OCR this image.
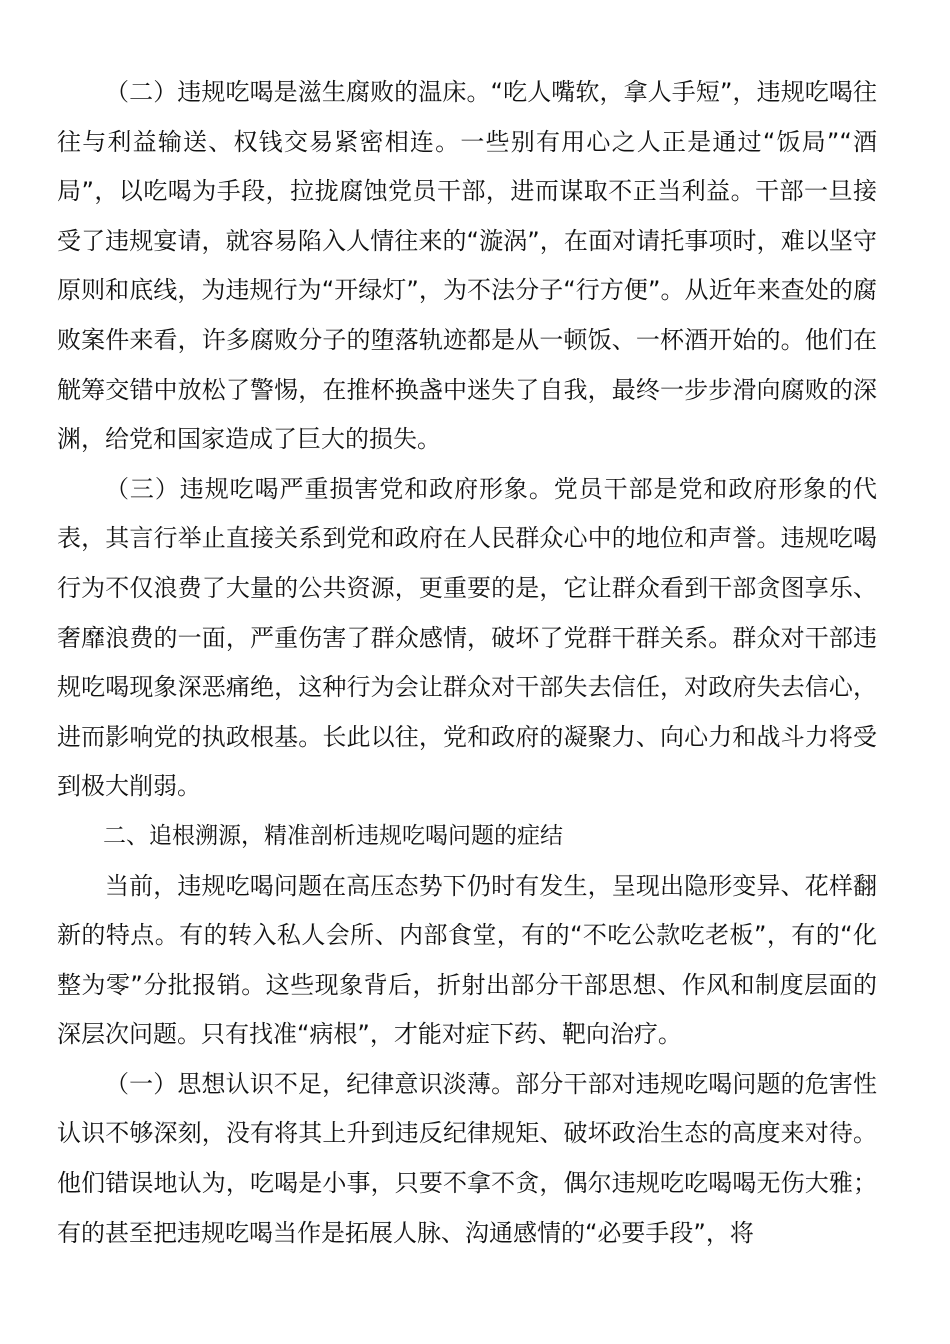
（二）违规吃喝是滋生腐败的温床。“吃人嘴软，拿人手短”，违规吃喝往往与利益输送、权钱交易紧密相连。一些别有用心之人正是通过“饭局”“酒局”，以吃喝为手段，拉拢腐蚀党员干部，进而谋取不正当利益。干部一旦接受了违规宴请，就容易陷入人情往来的“漩涡”，在面对请托事项时，难以坚守原则和底线，为违规行为“开绿灯”，为不法分子“行方便”。从近年来查处的腐败案件来看，许多腐败分子的堕落轨迹都是从一顿饭、一杯酒开始的。他们在觥筹交错中放松了警惕，在推杯换盏中迷失了自我，最终一步步滑向腐败的深渊，给党和国家造成了巨大的损失。

（三）违规吃喝严重损害党和政府形象。党员干部是党和政府形象的代表，其言行举止直接关系到党和政府在人民群众心中的地位和声誉。违规吃喝行为不仅浪费了大量的公共资源，更重要的是，它让群众看到干部贪图享乐、奢靡浪费的一面，严重伤害了群众感情，破坏了党群干群关系。群众对干部违规吃喝现象深恶痛绝，这种行为会让群众对干部失去信任，对政府失去信心，进而影响党的执政根基。长此以往，党和政府的凝聚力、向心力和战斗力将受到极大削弱。

二、追根溯源，精准剖析违规吃喝问题的症结

当前，违规吃喝问题在高压态势下仍时有发生，呈现出隐形变异、花样翻新的特点。有的转入私人会所、内部食堂，有的“不吃公款吃老板”，有的“化整为零”分批报销。这些现象背后，折射出部分干部思想、作风和制度层面的深层次问题。只有找准“病根”，才能对症下药、靶向治疗。

（一）思想认识不足，纪律意识淡薄。部分干部对违规吃喝问题的危害性认识不够深刻，没有将其上升到违反纪律规矩、破坏政治生态的高度来对待。他们错误地认为，吃喝是小事，只要不拿不贪，偶尔违规吃吃喝喝无伤大雅；有的甚至把违规吃喝当作是拓展人脉、沟通感情的“必要手段”，将
